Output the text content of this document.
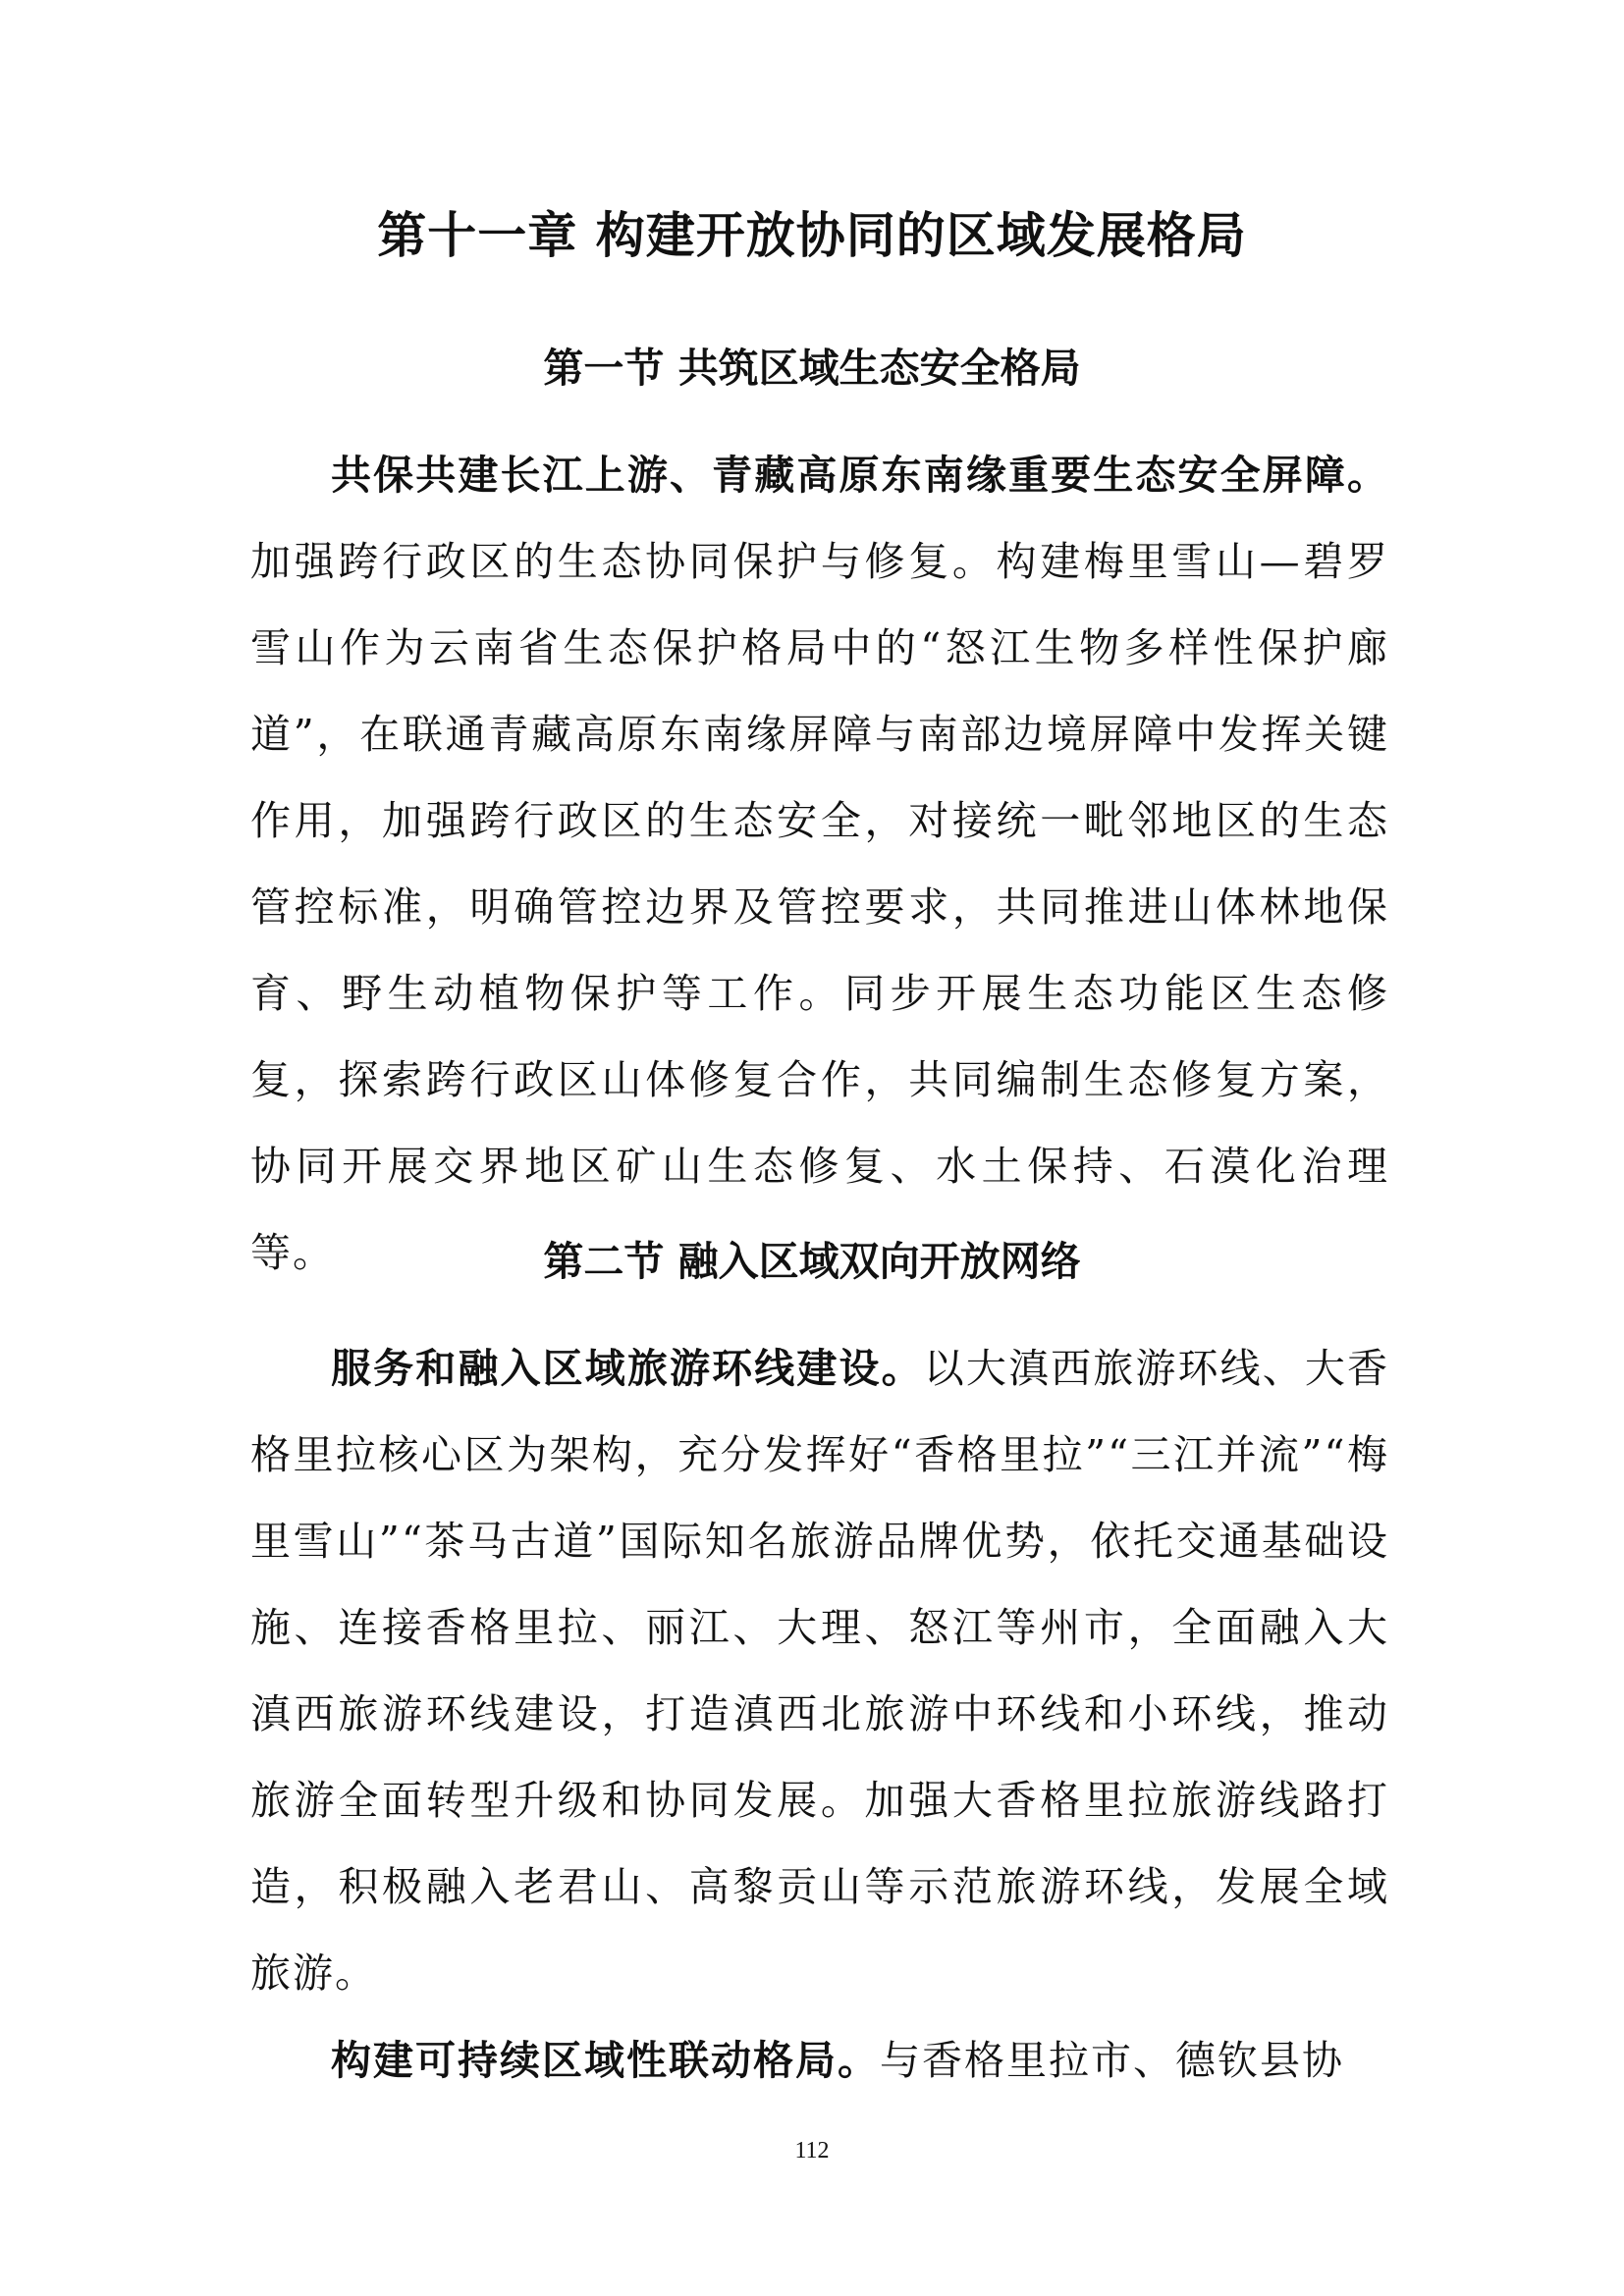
第十一章 构建开放协同的区域发展格局
第一节 共筑区域生态安全格局

共保共建长江上游、青藏高原东南缘重要生态安全屏障。加强跨行政区的生态协同保护与修复。构建梅里雪山—碧罗雪山作为云南省生态保护格局中的“怒江生物多样性保护廊道”，在联通青藏高原东南缘屏障与南部边境屏障中发挥关键作用，加强跨行政区的生态安全，对接统一毗邻地区的生态管控标准，明确管控边界及管控要求，共同推进山体林地保育、野生动植物保护等工作。同步开展生态功能区生态修复，探索跨行政区山体修复合作，共同编制生态修复方案，协同开展交界地区矿山生态修复、水土保持、石漠化治理等。	第二节 融入区域双向开放网络

服务和融入区域旅游环线建设。以大滇西旅游环线、大香格里拉核心区为架构，充分发挥好“香格里拉”“三江并流”“梅里雪山”“茶马古道”国际知名旅游品牌优势，依托交通基础设施、连接香格里拉、丽江、大理、怒江等州市，全面融入大滇西旅游环线建设，打造滇西北旅游中环线和小环线，推动旅游全面转型升级和协同发展。加强大香格里拉旅游线路打造，积极融入老君山、高黎贡山等示范旅游环线，发展全域旅游。

构建可持续区域性联动格局。与香格里拉市、德钦县协

112
